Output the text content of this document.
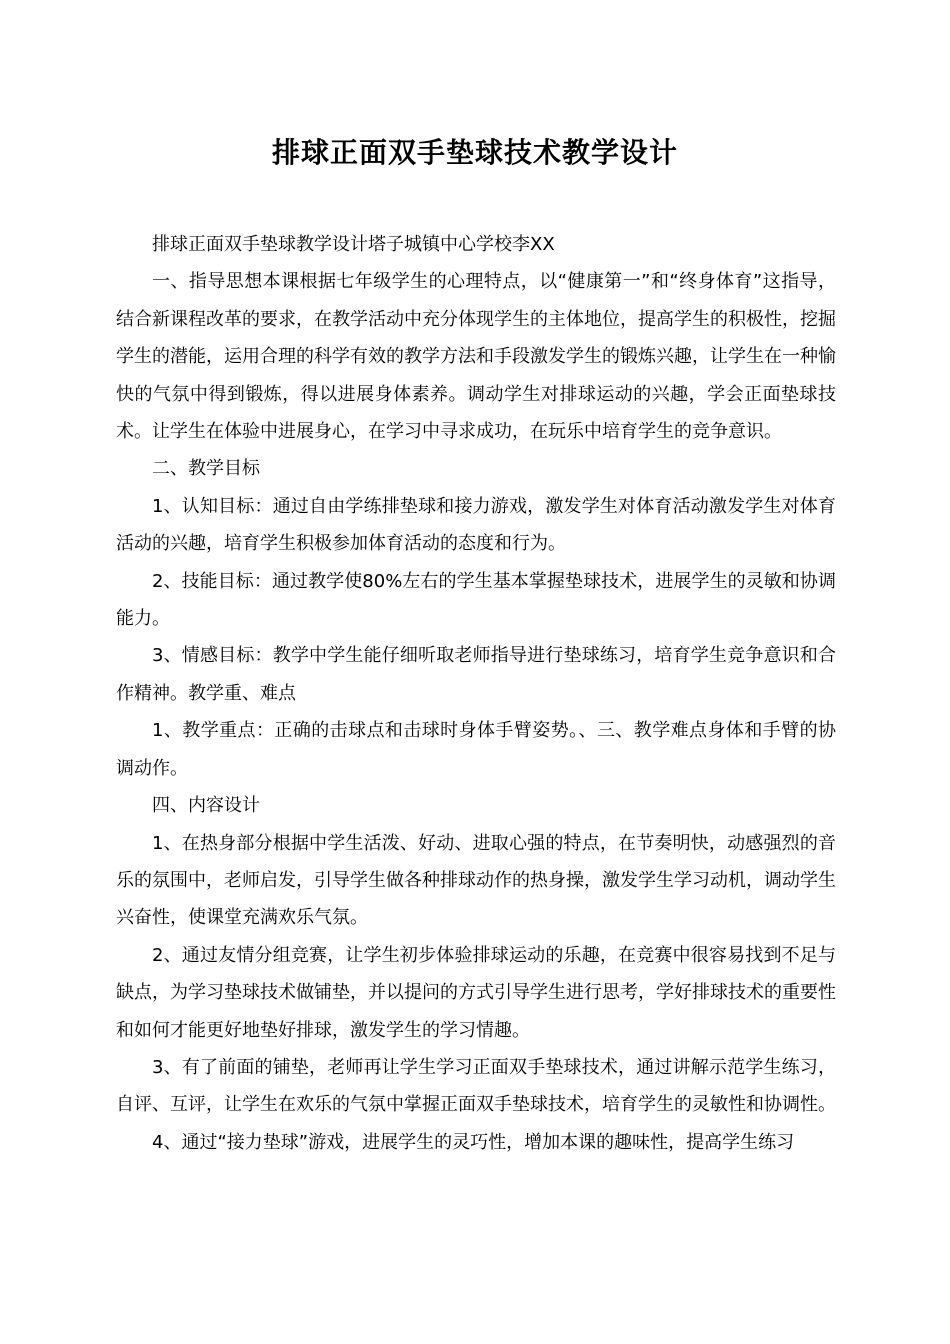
排球正面双手垫球技术教学设计

排球正面双手垫球教学设计塔子城镇中心学校李XX

一、指导思想本课根据七年级学生的心理特点，以“健康第一”和“终身体育”这指导，结合新课程改革的要求，在教学活动中充分体现学生的主体地位，提高学生的积极性，挖掘学生的潜能，运用合理的科学有效的教学方法和手段激发学生的锻炼兴趣，让学生在一种愉快的气氛中得到锻炼，得以进展身体素养。调动学生对排球运动的兴趣，学会正面垫球技术。让学生在体验中进展身心，在学习中寻求成功，在玩乐中培育学生的竞争意识。

二、教学目标

1、认知目标：通过自由学练排垫球和接力游戏，激发学生对体育活动激发学生对体育活动的兴趣，培育学生积极参加体育活动的态度和行为。

2、技能目标：通过教学使80%左右的学生基本掌握垫球技术，进展学生的灵敏和协调能力。

3、情感目标：教学中学生能仔细听取老师指导进行垫球练习，培育学生竞争意识和合作精神。教学重、难点

1、教学重点：正确的击球点和击球时身体手臂姿势。、三、教学难点身体和手臂的协调动作。

四、内容设计

1、在热身部分根据中学生活泼、好动、进取心强的特点，在节奏明快，动感强烈的音乐的氛围中，老师启发，引导学生做各种排球动作的热身操，激发学生学习动机，调动学生兴奋性，使课堂充满欢乐气氛。

2、通过友情分组竞赛，让学生初步体验排球运动的乐趣，在竞赛中很容易找到不足与缺点，为学习垫球技术做铺垫，并以提问的方式引导学生进行思考，学好排球技术的重要性和如何才能更好地垫好排球，激发学生的学习情趣。

3、有了前面的铺垫，老师再让学生学习正面双手垫球技术，通过讲解示范学生练习，自评、互评，让学生在欢乐的气氛中掌握正面双手垫球技术，培育学生的灵敏性和协调性。

4、通过“接力垫球”游戏，进展学生的灵巧性，增加本课的趣味性，提高学生练习
